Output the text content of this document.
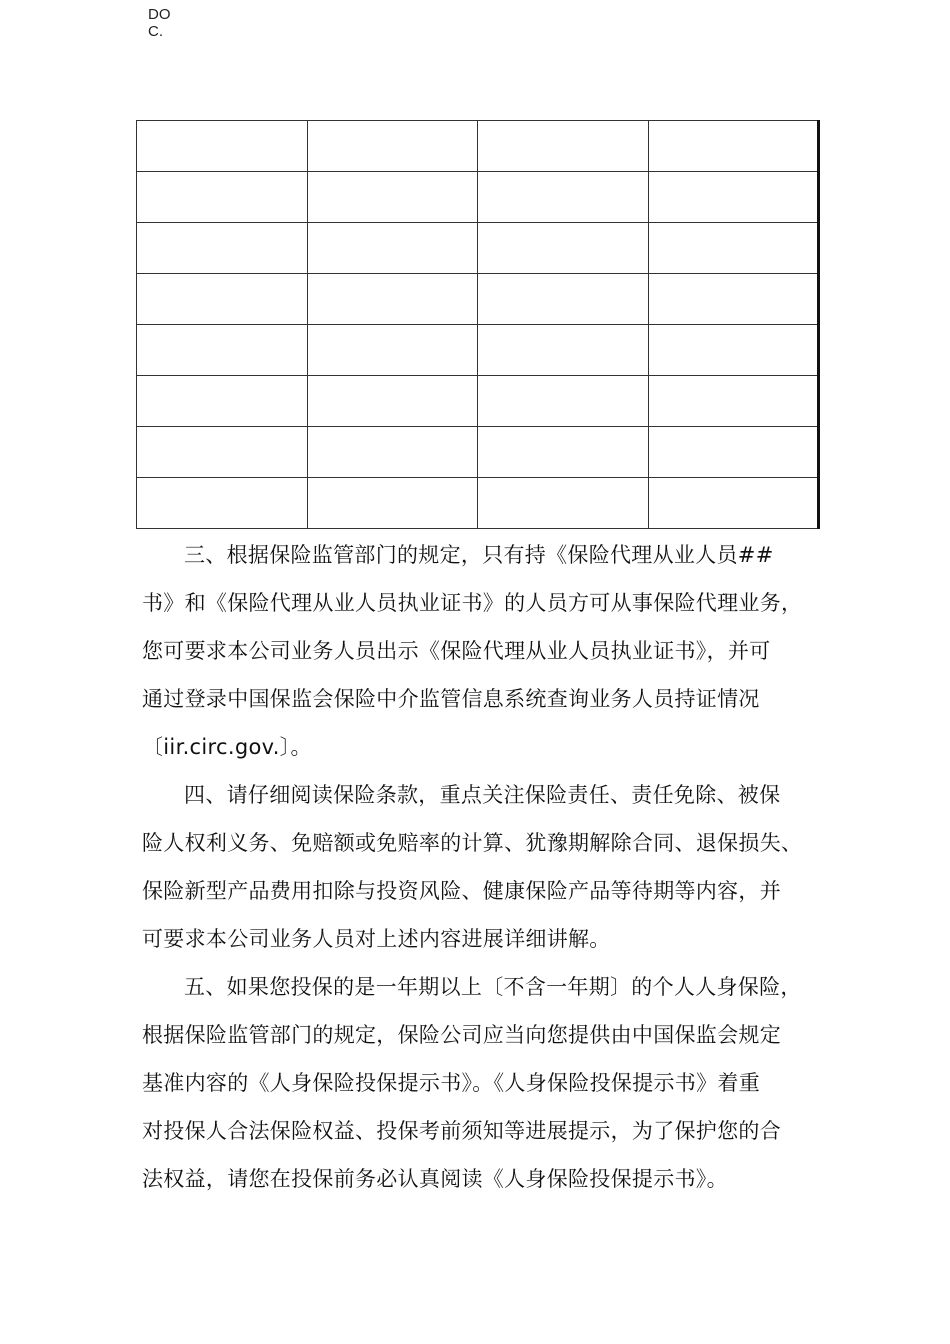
DO
C.

三、根据保险监管部门的规定，只有持《保险代理从业人员##
书》和《保险代理从业人员执业证书》的人员方可从事保险代理业务，
您可要求本公司业务人员出示《保险代理从业人员执业证书》，并可
通过登录中国保监会保险中介监管信息系统查询业务人员持证情况
〔iir.circ.gov.〕。

四、请仔细阅读保险条款，重点关注保险责任、责任免除、被保
险人权利义务、免赔额或免赔率的计算、犹豫期解除合同、退保损失、
保险新型产品费用扣除与投资风险、健康保险产品等待期等内容，并
可要求本公司业务人员对上述内容进展详细讲解。

五、如果您投保的是一年期以上〔不含一年期〕的个人人身保险，
根据保险监管部门的规定，保险公司应当向您提供由中国保监会规定
基准内容的《人身保险投保提示书》。《人身保险投保提示书》着重
对投保人合法保险权益、投保考前须知等进展提示，为了保护您的合
法权益，请您在投保前务必认真阅读《人身保险投保提示书》。
